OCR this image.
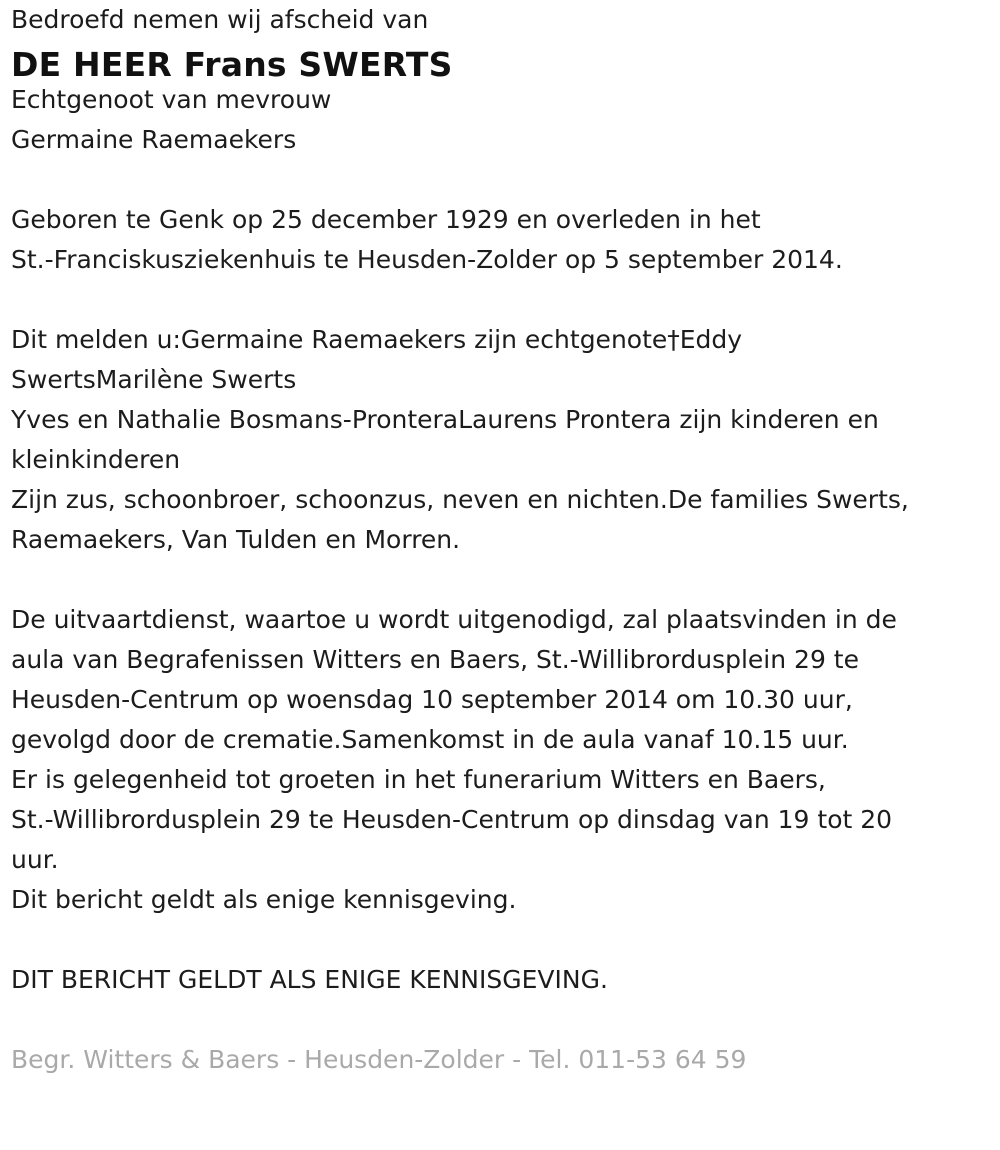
Bedroefd nemen wij afscheid van
DE HEER Frans SWERTS
Echtgenoot van mevrouw
Germaine Raemaekers
Geboren te Genk op 25 december 1929 en overleden in het
St.-Franciskusziekenhuis te Heusden-Zolder op 5 september 2014.
Dit melden u:Germaine Raemaekers zijn echtgenote†Eddy
SwertsMarilène Swerts
Yves en Nathalie Bosmans-PronteraLaurens Prontera zijn kinderen en
kleinkinderen
Zijn zus, schoonbroer, schoonzus, neven en nichten.De families Swerts,
Raemaekers, Van Tulden en Morren.
De uitvaartdienst, waartoe u wordt uitgenodigd, zal plaatsvinden in de
aula van Begrafenissen Witters en Baers, St.-Willibrordusplein 29 te
Heusden-Centrum op woensdag 10 september 2014 om 10.30 uur,
gevolgd door de crematie.Samenkomst in de aula vanaf 10.15 uur.
Er is gelegenheid tot groeten in het funerarium Witters en Baers,
St.-Willibrordusplein 29 te Heusden-Centrum op dinsdag van 19 tot 20
uur.
Dit bericht geldt als enige kennisgeving.
DIT BERICHT GELDT ALS ENIGE KENNISGEVING.
Begr. Witters & Baers - Heusden-Zolder - Tel. 011-53 64 59
